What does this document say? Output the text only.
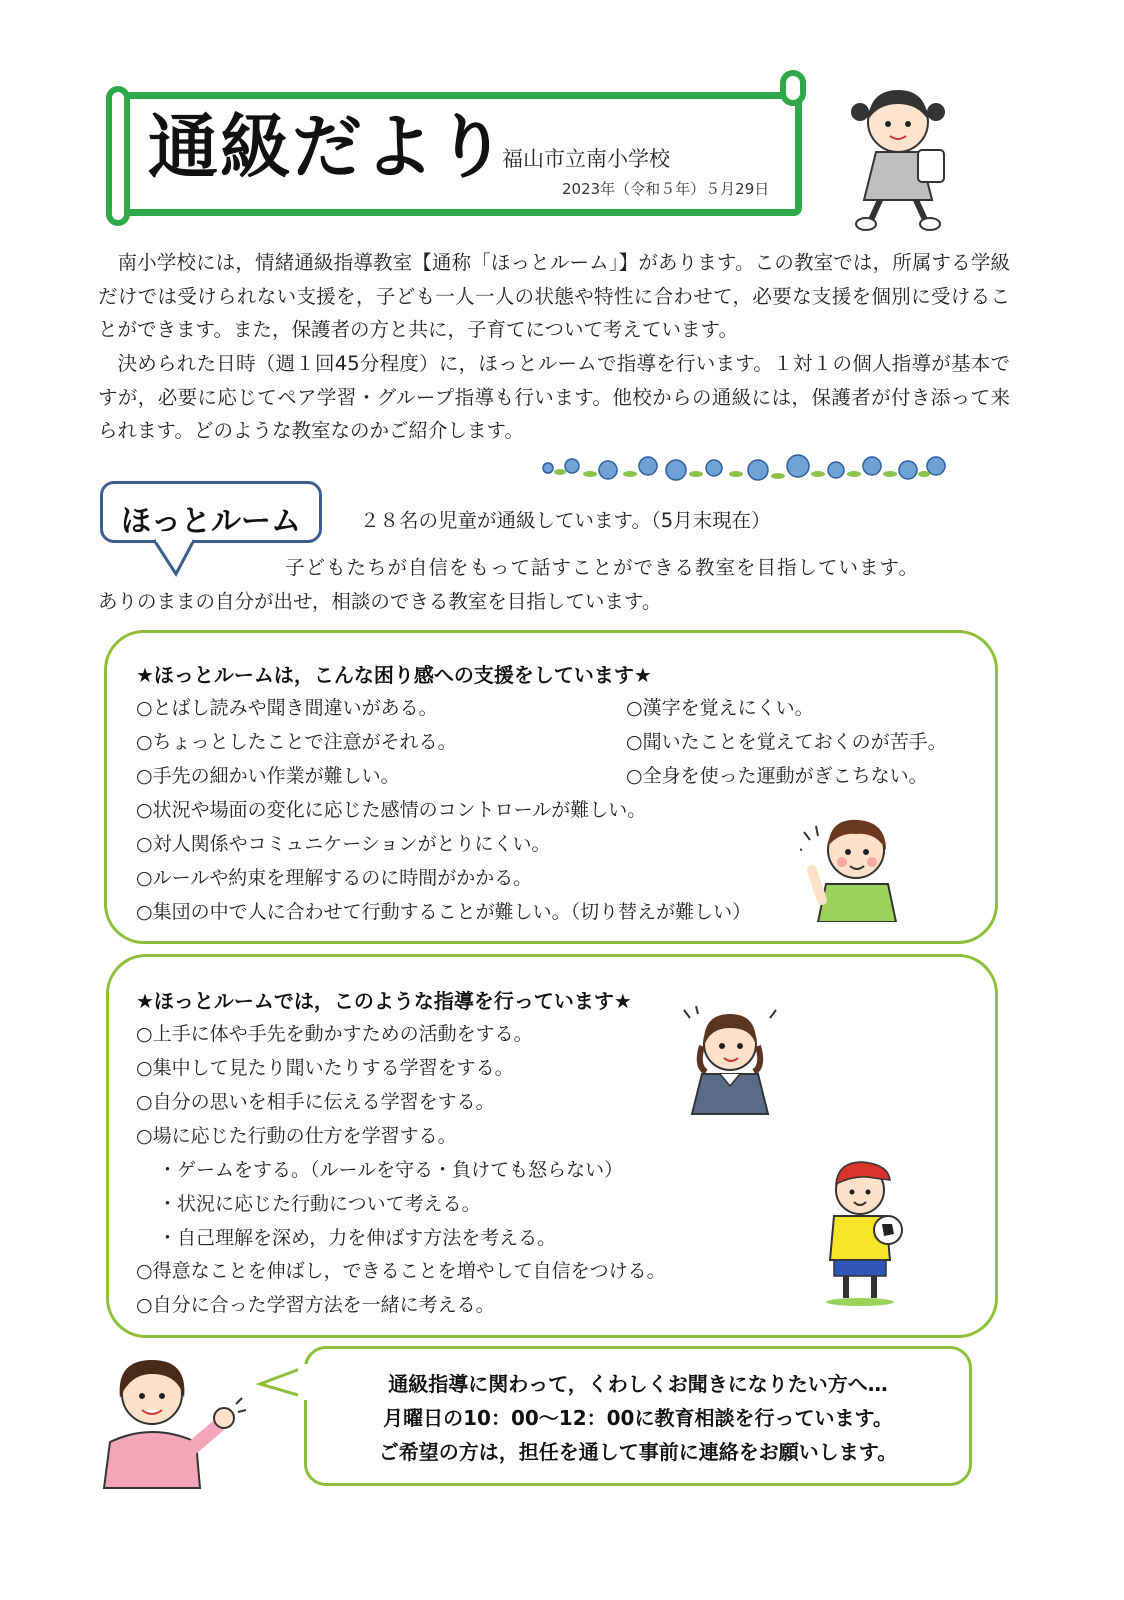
通級だより
福山市立南小学校
2023年（令和５年）５月29日
南小学校には，情緒通級指導教室【通称「ほっとルーム」】があります。この教室では，所属する学級だけでは受けられない支援を，子ども一人一人の状態や特性に合わせて，必要な支援を個別に受けることができます。また，保護者の方と共に，子育てについて考えています。
決められた日時（週１回45分程度）に，ほっとルームで指導を行います。１対１の個人指導が基本ですが，必要に応じてペア学習・グループ指導も行います。他校からの通級には，保護者が付き添って来られます。どのような教室なのかご紹介します。
ほっとルーム	２８名の児童が通級しています。（5月末現在）
子どもたちが自信をもって話すことができる教室を目指しています。
ありのままの自分が出せ，相談のできる教室を目指しています。
★ほっとルームは，こんな困り感への支援をしています★
○とばし読みや聞き間違いがある。
○ちょっとしたことで注意がそれる。
○手先の細かい作業が難しい。
○状況や場面の変化に応じた感情のコントロールが難しい。
○対人関係やコミュニケーションがとりにくい。
○ルールや約束を理解するのに時間がかかる。
○集団の中で人に合わせて行動することが難しい。（切り替えが難しい）
○漢字を覚えにくい。
○聞いたことを覚えておくのが苦手。
○全身を使った運動がぎこちない。
★ほっとルームでは，このような指導を行っています★
○上手に体や手先を動かすための活動をする。
○集中して見たり聞いたりする学習をする。
○自分の思いを相手に伝える学習をする。
○場に応じた行動の仕方を学習する。
・ゲームをする。（ルールを守る・負けても怒らない）
・状況に応じた行動について考える。
・自己理解を深め，力を伸ばす方法を考える。
○得意なことを伸ばし，できることを増やして自信をつける。
○自分に合った学習方法を一緒に考える。
通級指導に関わって，くわしくお聞きになりたい方へ…
月曜日の10：00～12：00に教育相談を行っています。
ご希望の方は，担任を通して事前に連絡をお願いします。
